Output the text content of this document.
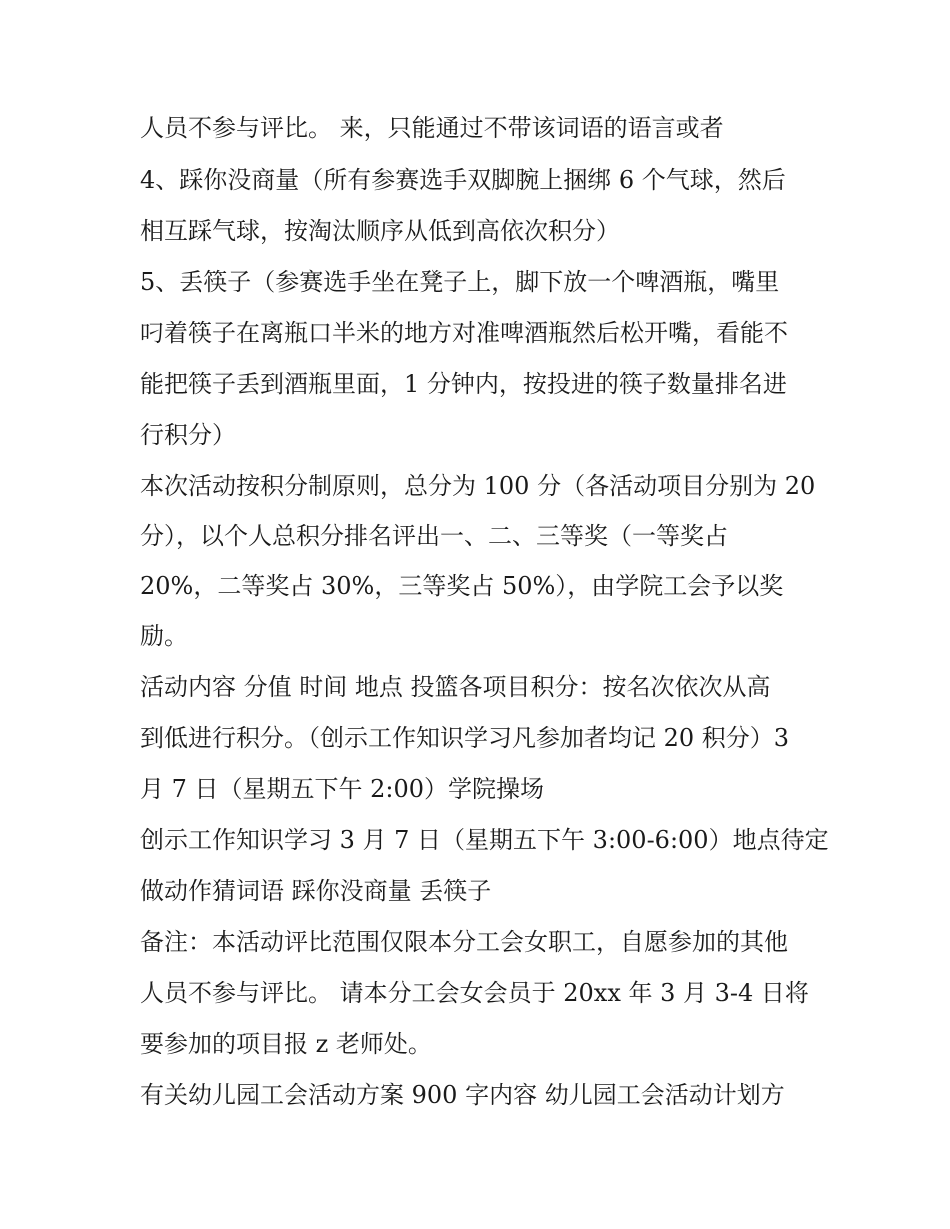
人员不参与评比。 来，只能通过不带该词语的语言或者
4、踩你没商量（所有参赛选手双脚腕上捆绑 6 个气球，然后
相互踩气球，按淘汰顺序从低到高依次积分）
5、丢筷子（参赛选手坐在凳子上，脚下放一个啤酒瓶，嘴里
叼着筷子在离瓶口半米的地方对准啤酒瓶然后松开嘴，看能不
能把筷子丢到酒瓶里面，1 分钟内，按投进的筷子数量排名进
行积分）
本次活动按积分制原则，总分为 100 分（各活动项目分别为 20
分），以个人总积分排名评出一、二、三等奖（一等奖占
20%，二等奖占 30%，三等奖占 50%），由学院工会予以奖
励。
活动内容 分值 时间 地点 投篮各项目积分：按名次依次从高
到低进行积分。（创示工作知识学习凡参加者均记 20 积分）3
月 7 日（星期五下午 2:00）学院操场
创示工作知识学习 3 月 7 日（星期五下午 3:00-6:00）地点待定
做动作猜词语 踩你没商量 丢筷子
备注：本活动评比范围仅限本分工会女职工，自愿参加的其他
人员不参与评比。 请本分工会女会员于 20xx 年 3 月 3-4 日将
要参加的项目报 z 老师处。
有关幼儿园工会活动方案 900 字内容 幼儿园工会活动计划方
